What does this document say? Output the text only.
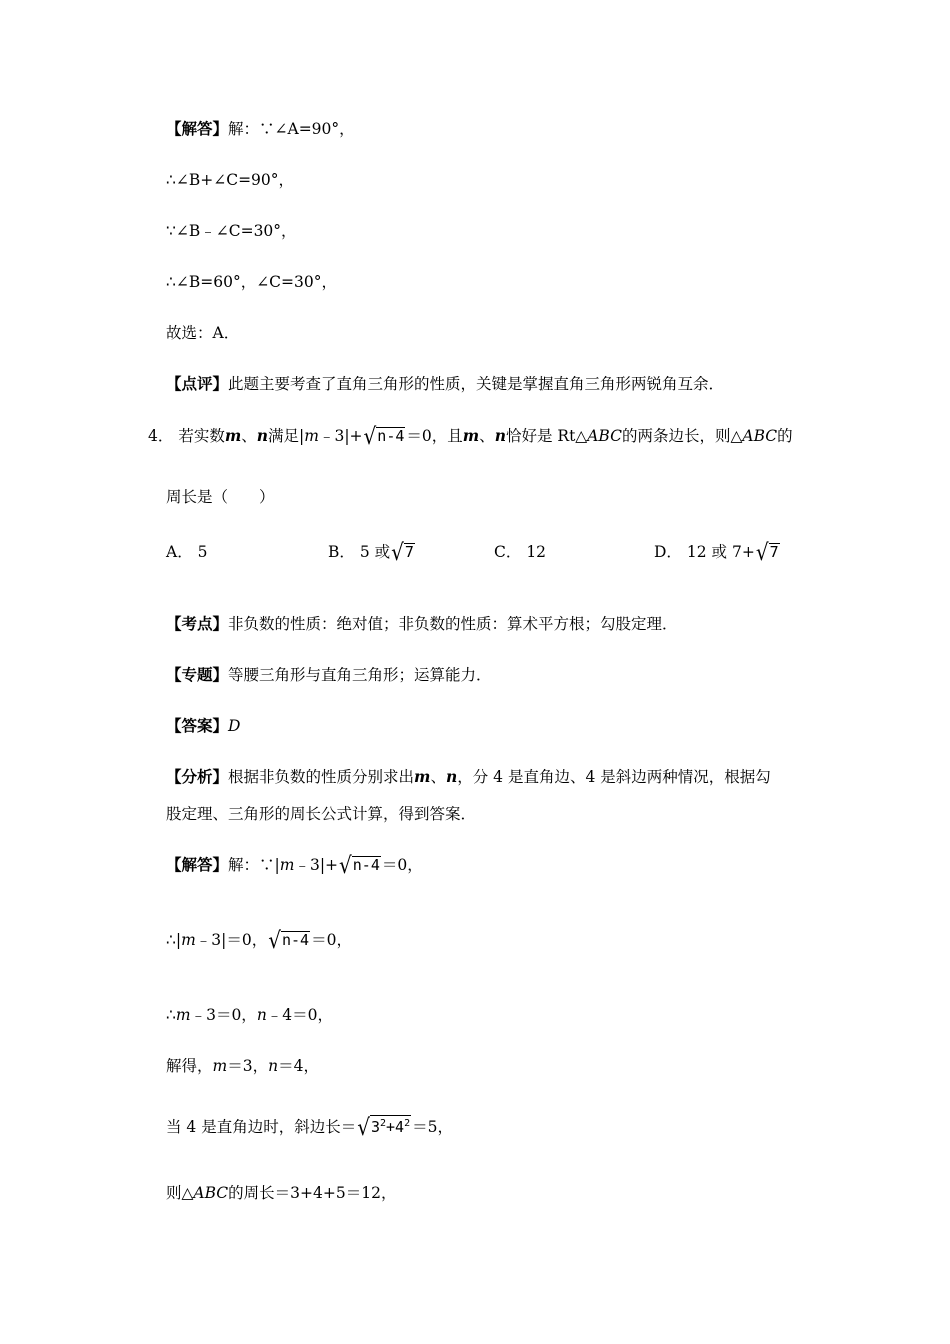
【解答】解：∵∠A=90°，
∴∠B+∠C=90°，
∵∠B﹣∠C=30°，
∴∠B=60°，∠C=30°，
故选：A．
【点评】此题主要考查了直角三角形的性质，关键是掌握直角三角形两锐角互余．
4． 若实数m、n满足|m﹣3|+√n-4 ＝0，且m、n恰好是 Rt△ABC的两条边长，则△ABC的
周长是（　　）
A． 5	B． 5 或√7	C． 12	D． 12 或 7+√7
【考点】非负数的性质：绝对值；非负数的性质：算术平方根；勾股定理．
【专题】等腰三角形与直角三角形；运算能力．
【答案】D
【分析】根据非负数的性质分别求出m、n，分 4 是直角边、4 是斜边两种情况，根据勾
股定理、三角形的周长公式计算，得到答案．
【解答】解：∵|m﹣3|+√n-4 ＝0，
∴|m﹣3|＝0，√n-4 ＝0，
∴m﹣3＝0，n﹣4＝0，
解得，m＝3，n＝4，
当 4 是直角边时，斜边长$=√3^2+4^2 =5$，
则△ABC的周长＝3+4+5＝12，
